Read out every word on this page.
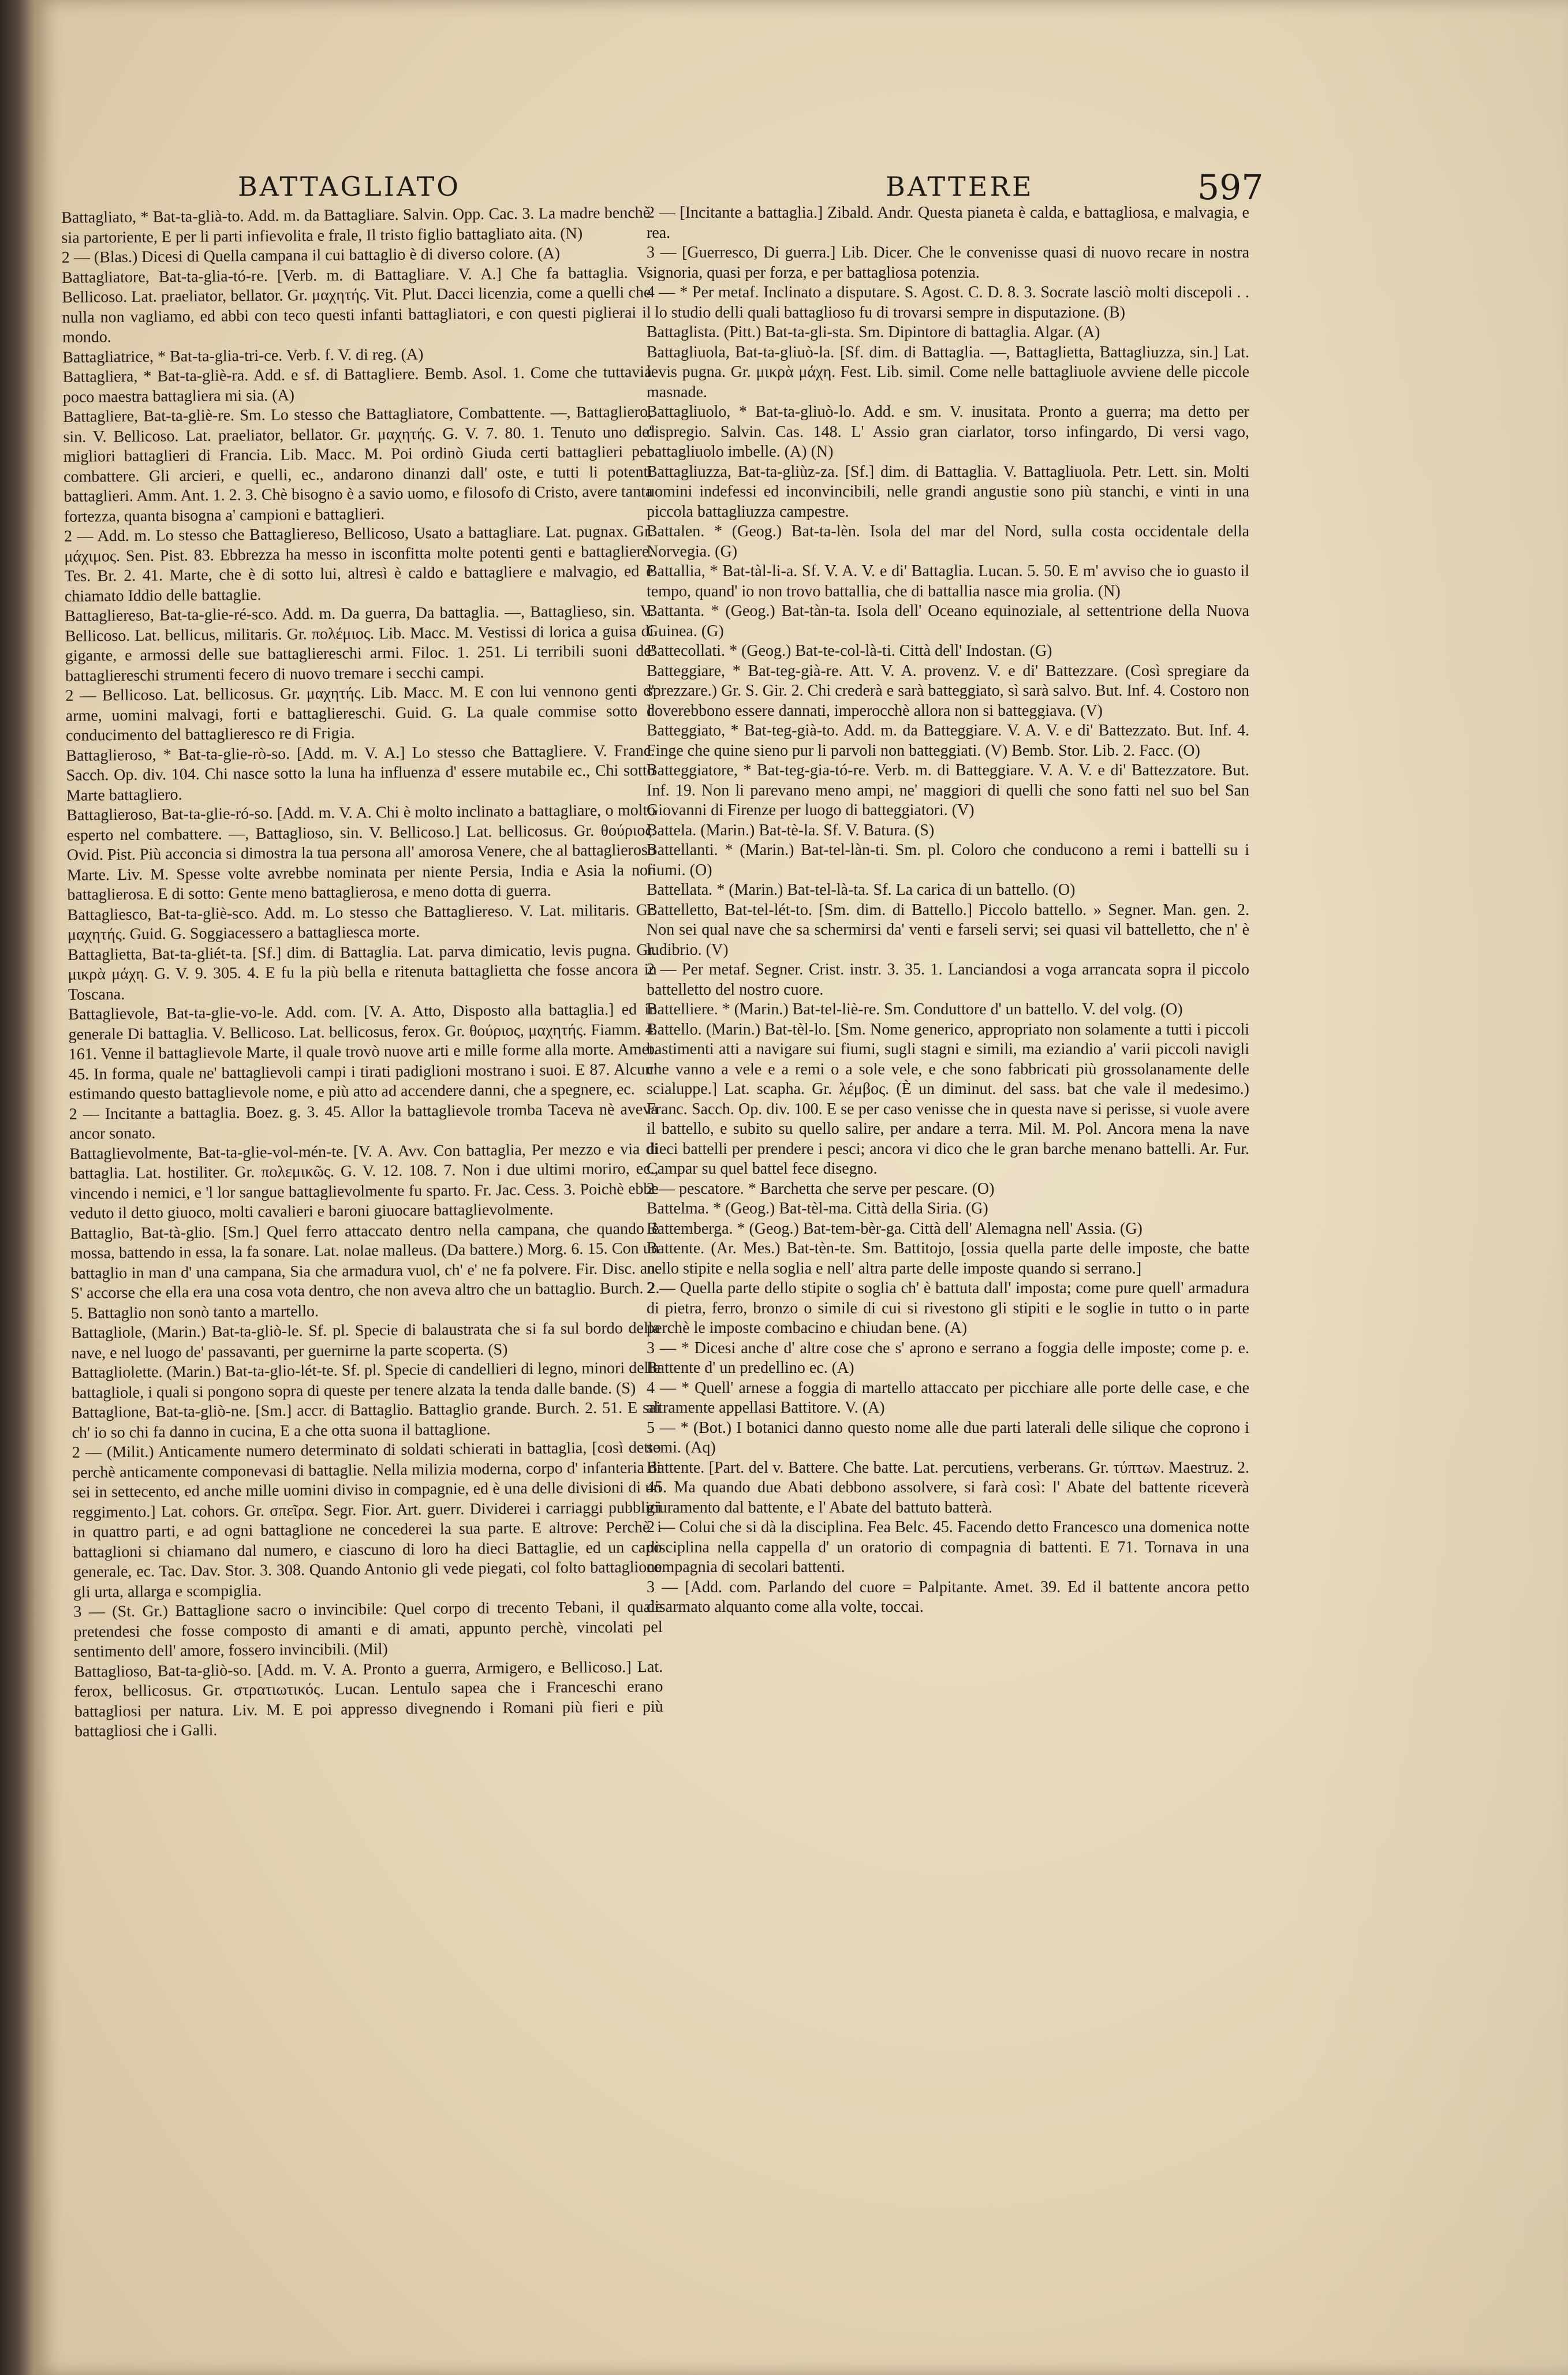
BATTAGLIATO	BATTERE	597

Battagliato, * Bat-ta-glià-to. Add. m. da Battagliare. Salvin. Opp. Cac. 3. La madre benchè sia partoriente, E per li parti infievolita e frale, Il tristo figlio battagliato aita. (N)

2 — (Blas.) Dicesi di Quella campana il cui battaglio è di diverso colore. (A)

Battagliatore, Bat-ta-glia-tó-re. [Verb. m. di Battagliare. V. A.] Che fa battaglia. V. Bellicoso. Lat. praeliator, bellator. Gr. μαχητής. Vit. Plut. Dacci licenzia, come a quelli che nulla non vagliamo, ed abbi con teco questi infanti battagliatori, e con questi piglierai il mondo.

Battagliatrice, * Bat-ta-glia-tri-ce. Verb. f. V. di reg. (A)

Battagliera, * Bat-ta-gliè-ra. Add. e sf. di Battagliere. Bemb. Asol. 1. Come che tuttavia poco maestra battagliera mi sia. (A)

Battagliere, Bat-ta-gliè-re. Sm. Lo stesso che Battagliatore, Combattente. —, Battagliero, sin. V. Bellicoso. Lat. praeliator, bellator. Gr. μαχητής. G. V. 7. 80. 1. Tenuto uno de' migliori battaglieri di Francia. Lib. Macc. M. Poi ordinò Giuda certi battaglieri per combattere. Gli arcieri, e quelli, ec., andarono dinanzi dall' oste, e tutti li potenti battaglieri. Amm. Ant. 1. 2. 3. Chè bisogno è a savio uomo, e filosofo di Cristo, avere tanta fortezza, quanta bisogna a' campioni e battaglieri.

2 — Add. m. Lo stesso che Battagliereso, Bellicoso, Usato a battagliare. Lat. pugnax. Gr. μάχιμος. Sen. Pist. 83. Ebbrezza ha messo in isconfitta molte potenti genti e battagliere. Tes. Br. 2. 41. Marte, che è di sotto lui, altresì è caldo e battagliere e malvagio, ed è chiamato Iddio delle battaglie.

Battagliereso, Bat-ta-glie-ré-sco. Add. m. Da guerra, Da battaglia. —, Battaglieso, sin. V. Bellicoso. Lat. bellicus, militaris. Gr. πολέμιος. Lib. Macc. M. Vestissi di lorica a guisa di gigante, e armossi delle sue battagliereschi armi. Filoc. 1. 251. Li terribili suoni de' battagliereschi strumenti fecero di nuovo tremare i secchi campi.

2 — Bellicoso. Lat. bellicosus. Gr. μαχητής. Lib. Macc. M. E con lui vennono genti d' arme, uomini malvagi, forti e battagliereschi. Guid. G. La quale commise sotto l' conducimento del battaglieresco re di Frigia.

Battaglieroso, * Bat-ta-glie-rò-so. [Add. m. V. A.] Lo stesso che Battagliere. V. Franc. Sacch. Op. div. 104. Chi nasce sotto la luna ha influenza d' essere mutabile ec., Chi sotto Marte battagliero.

Battaglieroso, Bat-ta-glie-ró-so. [Add. m. V. A. Chi è molto inclinato a battagliare, o molto esperto nel combattere. —, Battaglioso, sin. V. Bellicoso.] Lat. bellicosus. Gr. θούριος. Ovid. Pist. Più acconcia si dimostra la tua persona all' amorosa Venere, che al battaglieroso Marte. Liv. M. Spesse volte avrebbe nominata per niente Persia, India e Asia la non battaglierosa. E di sotto: Gente meno battaglierosa, e meno dotta di guerra.

Battagliesco, Bat-ta-gliè-sco. Add. m. Lo stesso che Battagliereso. V. Lat. militaris. Gr. μαχητής. Guid. G. Soggiacessero a battagliesca morte.

Battaglietta, Bat-ta-gliét-ta. [Sf.] dim. di Battaglia. Lat. parva dimicatio, levis pugna. Gr. μικρὰ μάχη. G. V. 9. 305. 4. E fu la più bella e ritenuta battaglietta che fosse ancora in Toscana.

Battaglievole, Bat-ta-glie-vo-le. Add. com. [V. A. Atto, Disposto alla battaglia.] ed in generale Di battaglia. V. Bellicoso. Lat. bellicosus, ferox. Gr. θούριος, μαχητής. Fiamm. 4. 161. Venne il battaglievole Marte, il quale trovò nuove arti e mille forme alla morte. Amet. 45. In forma, quale ne' battaglievoli campi i tirati padiglioni mostrano i suoi. E 87. Alcuni estimando questo battaglievole nome, e più atto ad accendere danni, che a spegnere, ec.

2 — Incitante a battaglia. Boez. g. 3. 45. Allor la battaglievole tromba Taceva nè aveva ancor sonato.

Battaglievolmente, Bat-ta-glie-vol-mén-te. [V. A. Avv. Con battaglia, Per mezzo e via di battaglia. Lat. hostiliter. Gr. πολεμικῶς. G. V. 12. 108. 7. Non i due ultimi moriro, ec., vincendo i nemici, e 'l lor sangue battaglievolmente fu sparto. Fr. Jac. Cess. 3. Poichè ebbe veduto il detto giuoco, molti cavalieri e baroni giuocare battaglievolmente.

Battaglio, Bat-tà-glio. [Sm.] Quel ferro attaccato dentro nella campana, che quando è mossa, battendo in essa, la fa sonare. Lat. nolae malleus. (Da battere.) Morg. 6. 15. Con un battaglio in man d' una campana, Sia che armadura vuol, ch' e' ne fa polvere. Fir. Disc. an. S' accorse che ella era una cosa vota dentro, che non aveva altro che un battaglio. Burch. 2. 5. Battaglio non sonò tanto a martello.

Battagliole, (Marin.) Bat-ta-gliò-le. Sf. pl. Specie di balaustrata che si fa sul bordo della nave, e nel luogo de' passavanti, per guernirne la parte scoperta. (S)

Battagliolette. (Marin.) Bat-ta-glio-lét-te. Sf. pl. Specie di candellieri di legno, minori delle battagliole, i quali si pongono sopra di queste per tenere alzata la tenda dalle bande. (S)

Battaglione, Bat-ta-gliò-ne. [Sm.] accr. di Battaglio. Battaglio grande. Burch. 2. 51. E sai ch' io so chi fa danno in cucina, E a che otta suona il battaglione.

2 — (Milit.) Anticamente numero determinato di soldati schierati in battaglia, [così detto perchè anticamente componevasi di battaglie. Nella milizia moderna, corpo d' infanteria di sei in settecento, ed anche mille uomini diviso in compagnie, ed è una delle divisioni di un reggimento.] Lat. cohors. Gr. σπεῖρα. Segr. Fior. Art. guerr. Dividerei i carriaggi pubblici in quattro parti, e ad ogni battaglione ne concederei la sua parte. E altrove: Perchè i battaglioni si chiamano dal numero, e ciascuno di loro ha dieci Battaglie, ed un capo generale, ec. Tac. Dav. Stor. 3. 308. Quando Antonio gli vede piegati, col folto battaglione gli urta, allarga e scompiglia.

3 — (St. Gr.) Battaglione sacro o invincibile: Quel corpo di trecento Tebani, il quale pretendesi che fosse composto di amanti e di amati, appunto perchè, vincolati pel sentimento dell' amore, fossero invincibili. (Mil)

Battaglioso, Bat-ta-gliò-so. [Add. m. V. A. Pronto a guerra, Armigero, e Bellicoso.] Lat. ferox, bellicosus. Gr. στρατιωτικός. Lucan. Lentulo sapea che i Franceschi erano battagliosi per natura. Liv. M. E poi appresso divegnendo i Romani più fieri e più battagliosi che i Galli.

2 — [Incitante a battaglia.] Zibald. Andr. Questa pianeta è calda, e battagliosa, e malvagia, e rea.

3 — [Guerresco, Di guerra.] Lib. Dicer. Che le convenisse quasi di nuovo recare in nostra signoria, quasi per forza, e per battagliosa potenzia.

4 — * Per metaf. Inclinato a disputare. S. Agost. C. D. 8. 3. Socrate lasciò molti discepoli . . . lo studio delli quali battaglioso fu di trovarsi sempre in disputazione. (B)

Battaglista. (Pitt.) Bat-ta-gli-sta. Sm. Dipintore di battaglia. Algar. (A)

Battagliuola, Bat-ta-gliuò-la. [Sf. dim. di Battaglia. —, Battaglietta, Battagliuzza, sin.] Lat. levis pugna. Gr. μικρὰ μάχη. Fest. Lib. simil. Come nelle battagliuole avviene delle piccole masnade.

Battagliuolo, * Bat-ta-gliuò-lo. Add. e sm. V. inusitata. Pronto a guerra; ma detto per dispregio. Salvin. Cas. 148. L' Assio gran ciarlator, torso infingardo, Di versi vago, battagliuolo imbelle. (A) (N)

Battagliuzza, Bat-ta-gliùz-za. [Sf.] dim. di Battaglia. V. Battagliuola. Petr. Lett. sin. Molti uomini indefessi ed inconvincibili, nelle grandi angustie sono più stanchi, e vinti in una piccola battagliuzza campestre.

Battalen. * (Geog.) Bat-ta-lèn. Isola del mar del Nord, sulla costa occidentale della Norvegia. (G)

Battallia, * Bat-tàl-li-a. Sf. V. A. V. e di' Battaglia. Lucan. 5. 50. E m' avviso che io guasto il tempo, quand' io non trovo battallia, che di battallia nasce mia grolia. (N)

Battanta. * (Geog.) Bat-tàn-ta. Isola dell' Oceano equinoziale, al settentrione della Nuova Guinea. (G)

Battecollati. * (Geog.) Bat-te-col-là-ti. Città dell' Indostan. (G)

Batteggiare, * Bat-teg-già-re. Att. V. A. provenz. V. e di' Battezzare. (Così spregiare da sprezzare.) Gr. S. Gir. 2. Chi crederà e sarà batteggiato, sì sarà salvo. But. Inf. 4. Costoro non doverebbono essere dannati, imperocchè allora non si batteggiava. (V)

Batteggiato, * Bat-teg-già-to. Add. m. da Batteggiare. V. A. V. e di' Battezzato. But. Inf. 4. Finge che quine sieno pur li parvoli non batteggiati. (V) Bemb. Stor. Lib. 2. Facc. (O)

Batteggiatore, * Bat-teg-gia-tó-re. Verb. m. di Batteggiare. V. A. V. e di' Battezzatore. But. Inf. 19. Non li parevano meno ampi, ne' maggiori di quelli che sono fatti nel suo bel San Giovanni di Firenze per luogo di batteggiatori. (V)

Battela. (Marin.) Bat-tè-la. Sf. V. Batura. (S)

Battellanti. * (Marin.) Bat-tel-làn-ti. Sm. pl. Coloro che conducono a remi i battelli su i fiumi. (O)

Battellata. * (Marin.) Bat-tel-là-ta. Sf. La carica di un battello. (O)

Battelletto, Bat-tel-lét-to. [Sm. dim. di Battello.] Piccolo battello. » Segner. Man. gen. 2. Non sei qual nave che sa schermirsi da' venti e farseli servi; sei quasi vil battelletto, che n' è ludibrio. (V)

2 — Per metaf. Segner. Crist. instr. 3. 35. 1. Lanciandosi a voga arrancata sopra il piccolo battelletto del nostro cuore.

Battelliere. * (Marin.) Bat-tel-liè-re. Sm. Conduttore d' un battello. V. del volg. (O)

Battello. (Marin.) Bat-tèl-lo. [Sm. Nome generico, appropriato non solamente a tutti i piccoli bastimenti atti a navigare sui fiumi, sugli stagni e simili, ma eziandio a' varii piccoli navigli che vanno a vele e a remi o a sole vele, e che sono fabbricati più grossolanamente delle scialuppe.] Lat. scapha. Gr. λέμβος. (È un diminut. del sass. bat che vale il medesimo.) Franc. Sacch. Op. div. 100. E se per caso venisse che in questa nave si perisse, si vuole avere il battello, e subito su quello salire, per andare a terra. Mil. M. Pol. Ancora mena la nave dieci battelli per prendere i pesci; ancora vi dico che le gran barche menano battelli. Ar. Fur. Campar su quel battel fece disegno.

2 — pescatore. * Barchetta che serve per pescare. (O)

Battelma. * (Geog.) Bat-tèl-ma. Città della Siria. (G)

Battemberga. * (Geog.) Bat-tem-bèr-ga. Città dell' Alemagna nell' Assia. (G)

Battente. (Ar. Mes.) Bat-tèn-te. Sm. Battitojo, [ossia quella parte delle imposte, che batte nello stipite e nella soglia e nell' altra parte delle imposte quando si serrano.]

2 — Quella parte dello stipite o soglia ch' è battuta dall' imposta; come pure quell' armadura di pietra, ferro, bronzo o simile di cui si rivestono gli stipiti e le soglie in tutto o in parte perchè le imposte combacino e chiudan bene. (A)

3 — * Dicesi anche d' altre cose che s' aprono e serrano a foggia delle imposte; come p. e. Battente d' un predellino ec. (A)

4 — * Quell' arnese a foggia di martello attaccato per picchiare alle porte delle case, e che altramente appellasi Battitore. V. (A)

5 — * (Bot.) I botanici danno questo nome alle due parti laterali delle silique che coprono i semi. (Aq)

Battente. [Part. del v. Battere. Che batte. Lat. percutiens, verberans. Gr. τύπτων. Maestruz. 2. 45. Ma quando due Abati debbono assolvere, si farà così: l' Abate del battente riceverà giuramento dal battente, e l' Abate del battuto batterà.

2 — Colui che si dà la disciplina. Fea Belc. 45. Facendo detto Francesco una domenica notte disciplina nella cappella d' un oratorio di compagnia di battenti. E 71. Tornava in una compagnia di secolari battenti.

3 — [Add. com. Parlando del cuore = Palpitante. Amet. 39. Ed il battente ancora petto disarmato alquanto come alla volte, toccai.
